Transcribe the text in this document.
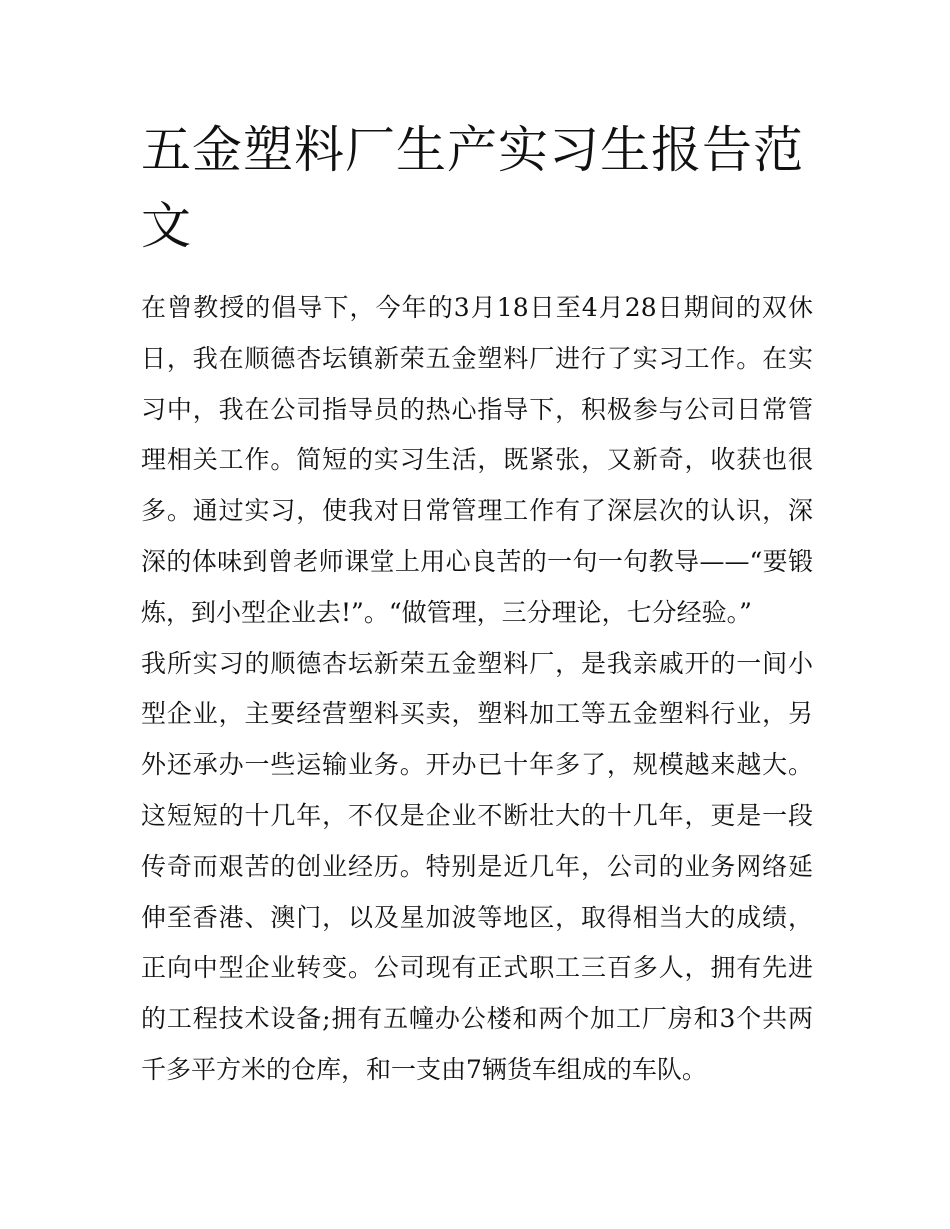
五金塑料厂生产实习生报告范文

在曾教授的倡导下，今年的3月18日至4月28日期间的双休日，我在顺德杏坛镇新荣五金塑料厂进行了实习工作。在实习中，我在公司指导员的热心指导下，积极参与公司日常管理相关工作。简短的实习生活，既紧张，又新奇，收获也很多。通过实习，使我对日常管理工作有了深层次的认识，深深的体味到曾老师课堂上用心良苦的一句一句教导——“要锻炼，到小型企业去!”。“做管理，三分理论，七分经验。”

我所实习的顺德杏坛新荣五金塑料厂，是我亲戚开的一间小型企业，主要经营塑料买卖，塑料加工等五金塑料行业，另外还承办一些运输业务。开办已十年多了，规模越来越大。这短短的十几年，不仅是企业不断壮大的十几年，更是一段传奇而艰苦的创业经历。特别是近几年，公司的业务网络延伸至香港、澳门，以及星加波等地区，取得相当大的成绩，正向中型企业转变。公司现有正式职工三百多人，拥有先进的工程技术设备;拥有五幢办公楼和两个加工厂房和3个共两千多平方米的仓库，和一支由7辆货车组成的车队。
